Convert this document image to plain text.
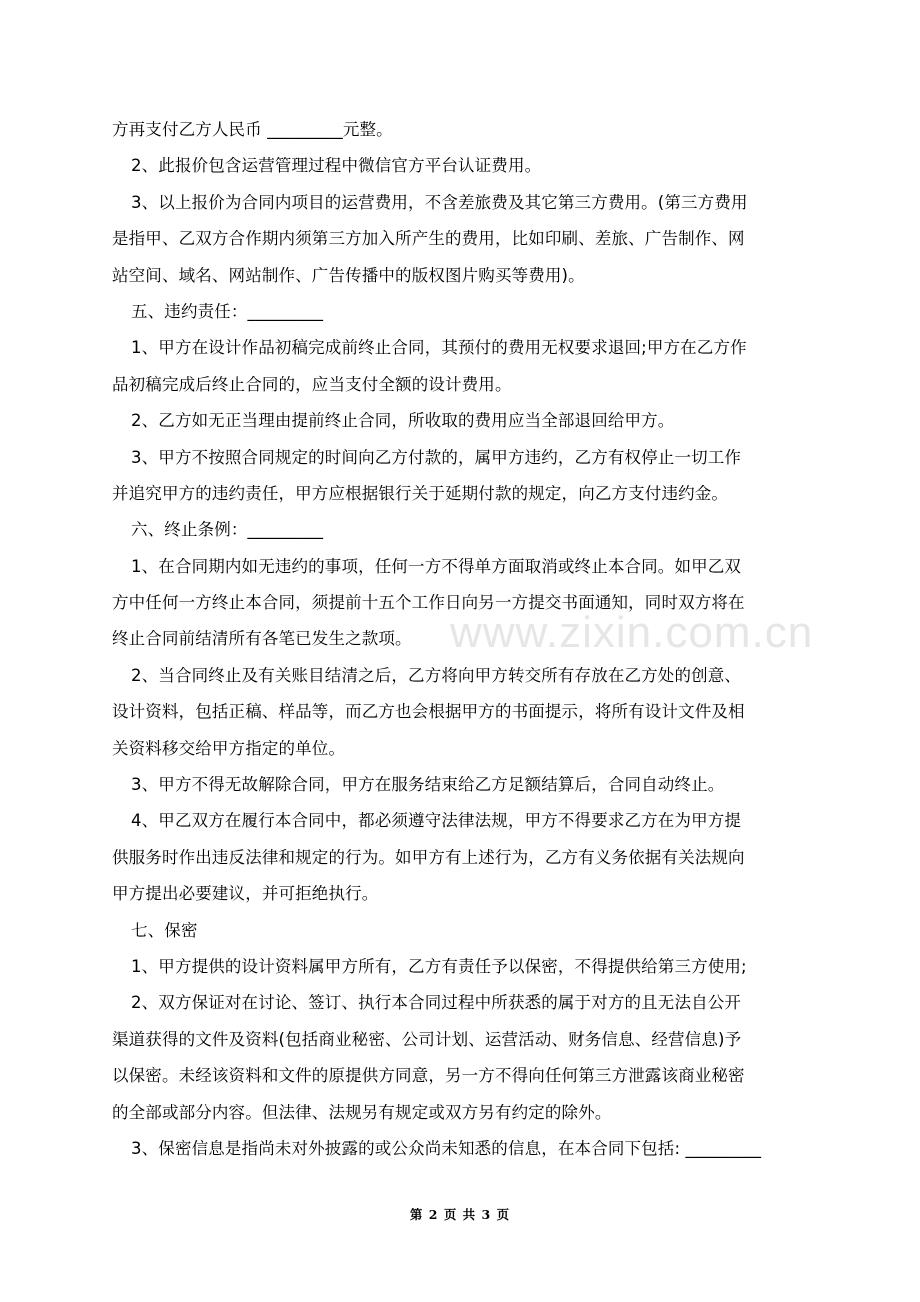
www.zixin.com.cn
方再支付乙方人民币 _________元整。
2、此报价包含运营管理过程中微信官方平台认证费用。
3、以上报价为合同内项目的运营费用，不含差旅费及其它第三方费用。(第三方费用
是指甲、乙双方合作期内须第三方加入所产生的费用，比如印刷、差旅、广告制作、网
站空间、域名、网站制作、广告传播中的版权图片购买等费用)。
五、违约责任：_________
1、甲方在设计作品初稿完成前终止合同，其预付的费用无权要求退回;甲方在乙方作
品初稿完成后终止合同的，应当支付全额的设计费用。
2、乙方如无正当理由提前终止合同，所收取的费用应当全部退回给甲方。
3、甲方不按照合同规定的时间向乙方付款的，属甲方违约，乙方有权停止一切工作
并追究甲方的违约责任，甲方应根据银行关于延期付款的规定，向乙方支付违约金。
六、终止条例：_________
1、在合同期内如无违约的事项，任何一方不得单方面取消或终止本合同。如甲乙双
方中任何一方终止本合同，须提前十五个工作日向另一方提交书面通知，同时双方将在
终止合同前结清所有各笔已发生之款项。
2、当合同终止及有关账目结清之后，乙方将向甲方转交所有存放在乙方处的创意、
设计资料，包括正稿、样品等，而乙方也会根据甲方的书面提示，将所有设计文件及相
关资料移交给甲方指定的单位。
3、甲方不得无故解除合同，甲方在服务结束给乙方足额结算后，合同自动终止。
4、甲乙双方在履行本合同中，都必须遵守法律法规，甲方不得要求乙方在为甲方提
供服务时作出违反法律和规定的行为。如甲方有上述行为，乙方有义务依据有关法规向
甲方提出必要建议，并可拒绝执行。
七、保密
1、甲方提供的设计资料属甲方所有，乙方有责任予以保密，不得提供给第三方使用;
2、双方保证对在讨论、签订、执行本合同过程中所获悉的属于对方的且无法自公开
渠道获得的文件及资料(包括商业秘密、公司计划、运营活动、财务信息、经营信息)予
以保密。未经该资料和文件的原提供方同意，另一方不得向任何第三方泄露该商业秘密
的全部或部分内容。但法律、法规另有规定或双方另有约定的除外。
3、保密信息是指尚未对外披露的或公众尚未知悉的信息，在本合同下包括: _________
第 2 页 共 3 页
